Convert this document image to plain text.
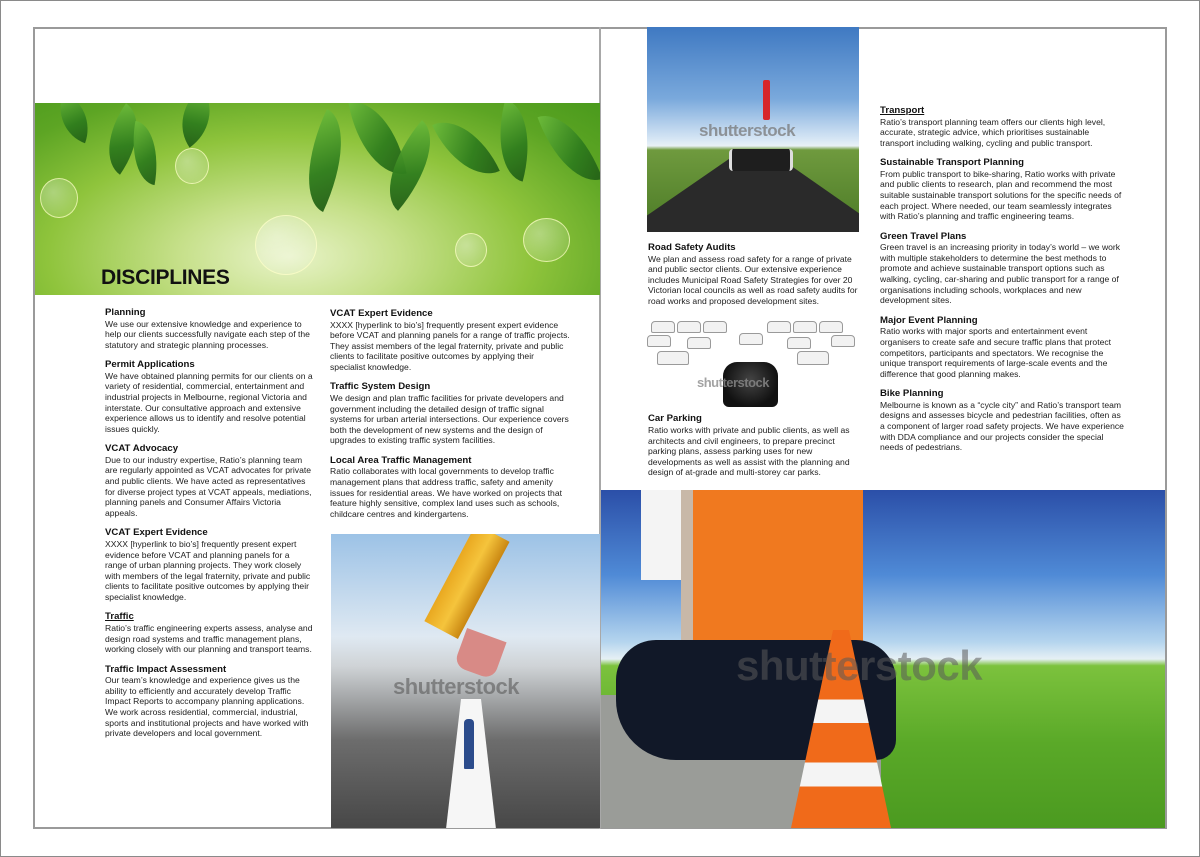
DISCIPLINES
Planning

We use our extensive knowledge and experience to help our clients successfully navigate each step of the statutory and strategic planning processes.

Permit Applications

We have obtained planning permits for our clients on a variety of residential, commercial, entertainment and industrial projects in Melbourne, regional Victoria and interstate. Our consultative approach and extensive experience allows us to identify and resolve potential issues quickly.

VCAT Advocacy

Due to our industry expertise, Ratio’s planning team are regularly appointed as VCAT advocates for private and public clients. We have acted as representatives for diverse project types at VCAT appeals, mediations, planning panels and Consumer Affairs Victoria appeals.

VCAT Expert Evidence

XXXX [hyperlink to bio’s] frequently present expert evidence before VCAT and planning panels for a range of urban planning projects. They work closely with members of the legal fraternity, private and public clients to facilitate positive outcomes by applying their specialist knowledge.

Traffic

Ratio’s traffic engineering experts assess, analyse and design road systems and traffic management plans, working closely with our planning and transport teams.

Traffic Impact Assessment

Our team’s knowledge and experience gives us the ability to efficiently and accurately develop Traffic Impact Reports to accompany planning applications. We work across residential, commercial, industrial, sports and institutional projects and have worked with private developers and local government.

VCAT Expert Evidence

XXXX [hyperlink to bio’s] frequently present expert evidence before VCAT and planning panels for a range of traffic projects. They assist members of the legal fraternity, private and public clients to facilitate positive outcomes by applying their specialist knowledge.

Traffic System Design

We design and plan traffic facilities for private developers and government including the detailed design of traffic signal systems for urban arterial intersections. Our experience covers both the development of new systems and the design of upgrades to existing traffic system facilities.

Local Area Traffic Management

Ratio collaborates with local governments to develop traffic management plans that address traffic, safety and amenity issues for residential areas. We have worked on projects that feature highly sensitive, complex land uses such as schools, childcare centres and kindergartens.

Road Safety Audits

We plan and assess road safety for a range of private and public sector clients. Our extensive experience includes Municipal Road Safety Strategies for over 20 Victorian local councils as well as road safety audits for road works and proposed development sites.

Car Parking

Ratio works with private and public clients, as well as architects and civil engineers, to prepare precinct parking plans, assess parking uses for new developments as well as assist with the planning and design of at-grade and multi-storey car parks.

Transport

Ratio’s transport planning team offers our clients high level, accurate, strategic advice, which prioritises sustainable transport including walking, cycling and public transport.

Sustainable Transport Planning

From public transport to bike-sharing, Ratio works with private and public clients to research, plan and recommend the most suitable sustainable transport solutions for the specific needs of each project. Where needed, our team seamlessly integrates with Ratio’s planning and traffic engineering teams.

Green Travel Plans

Green travel is an increasing priority in today’s world – we work with multiple stakeholders to determine the best methods to promote and achieve sustainable transport options such as walking, cycling, car-sharing and public transport for a range of organisations including schools, workplaces and new development sites.

Major Event Planning

Ratio works with major sports and entertainment event organisers to create safe and secure traffic plans that protect competitors, participants and spectators. We recognise the unique transport requirements of large-scale events and the difference that good planning makes.

Bike Planning

Melbourne is known as a “cycle city” and Ratio’s transport team designs and assesses bicycle and pedestrian facilities, often as a component of larger road safety projects. We have experience with DDA compliance and our projects consider the special needs of pedestrians.

shutterstock
shutterstock
shutterstock	shutterstock
